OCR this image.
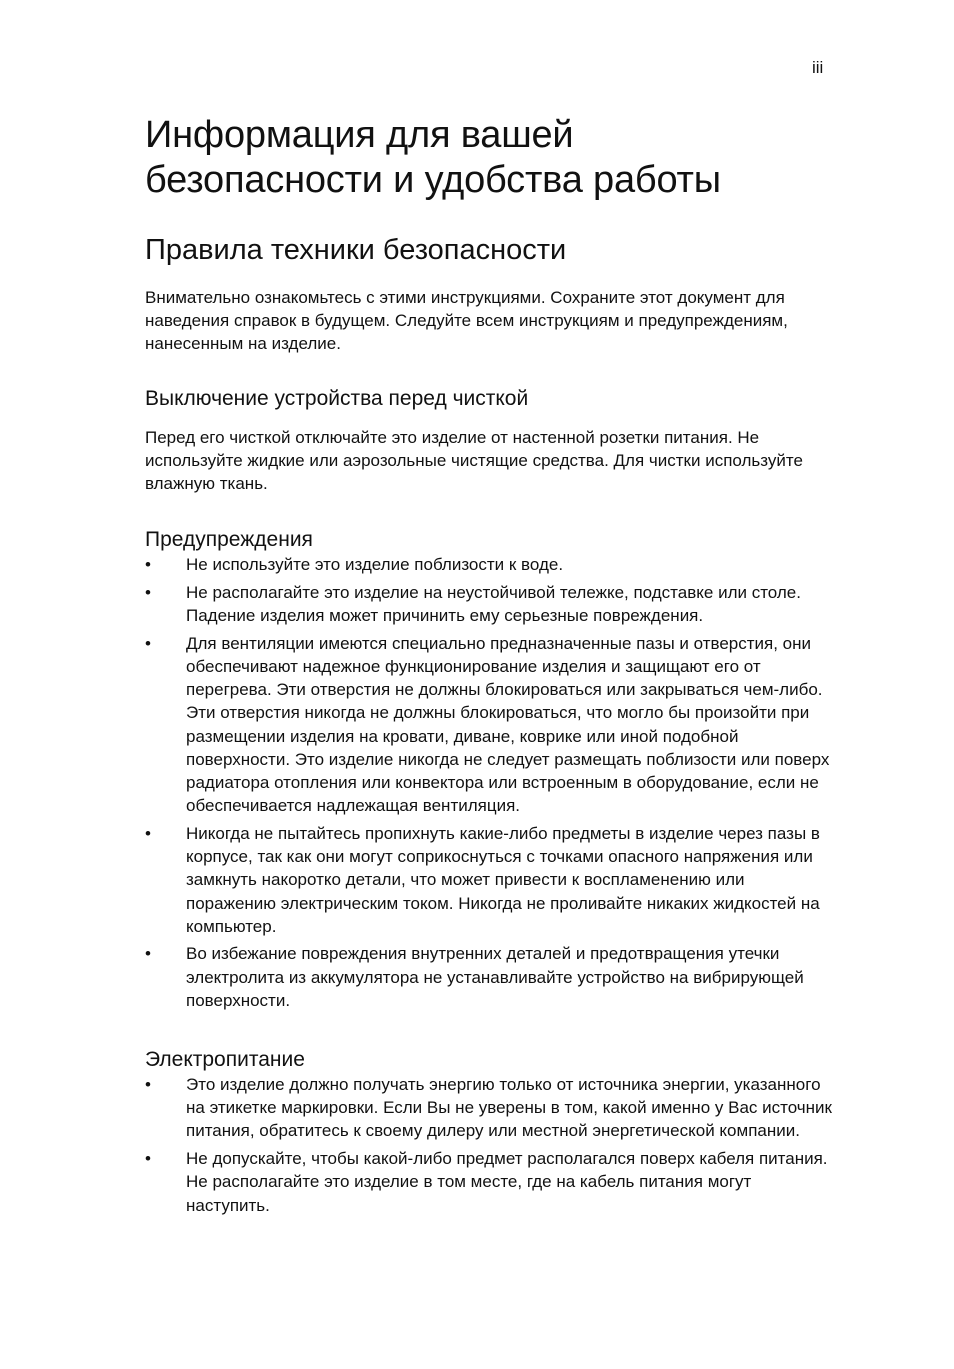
iii
Информация для вашей
безопасности и удобства работы
Правила техники безопасности

Внимательно ознакомьтесь с этими инструкциями. Сохраните этот документ для наведения справок в будущем. Следуйте всем инструкциям и предупреждениям, нанесенным на изделие.

Выключение устройства перед чисткой

Перед его чисткой отключайте это изделие от настенной розетки питания. Не используйте жидкие или аэрозольные чистящие средства. Для чистки используйте влажную ткань.

Предупреждения
• Не используйте это изделие поблизости к воде.
• Не располагайте это изделие на неустойчивой тележке, подставке или столе. Падение изделия может причинить ему серьезные повреждения.
• Для вентиляции имеются специально предназначенные пазы и отверстия, они обеспечивают надежное функционирование изделия и защищают его от перегрева. Эти отверстия не должны блокироваться или закрываться чем-либо. Эти отверстия никогда не должны блокироваться, что могло бы произойти при размещении изделия на кровати, диване, коврике или иной подобной поверхности. Это изделие никогда не следует размещать поблизости или поверх радиатора отопления или конвектора или встроенным в оборудование, если не обеспечивается надлежащая вентиляция.
• Никогда не пытайтесь пропихнуть какие-либо предметы в изделие через пазы в корпусе, так как они могут соприкоснуться с точками опасного напряжения или замкнуть накоротко детали, что может привести к воспламенению или поражению электрическим током. Никогда не проливайте никаких жидкостей на компьютер.
• Во избежание повреждения внутренних деталей и предотвращения утечки электролита из аккумулятора не устанавливайте устройство на вибрирующей поверхности.
Электропитание
• Это изделие должно получать энергию только от источника энергии, указанного на этикетке маркировки. Если Вы не уверены в том, какой именно у Вас источник питания, обратитесь к своему дилеру или местной энергетической компании.
• Не допускайте, чтобы какой-либо предмет располагался поверх кабеля питания. Не располагайте это изделие в том месте, где на кабель питания могут наступить.
